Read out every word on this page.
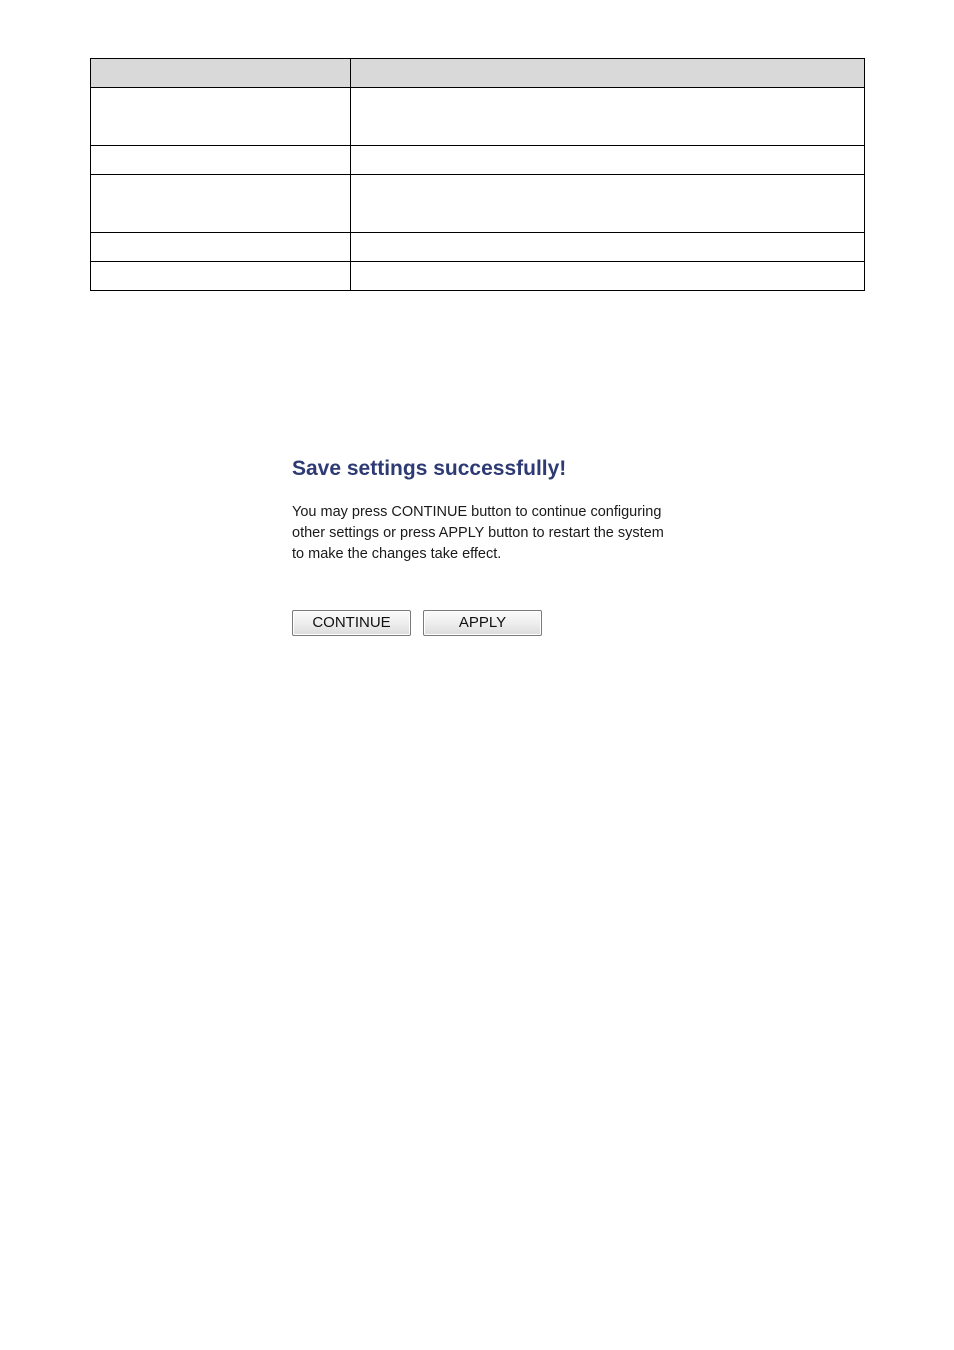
Save settings successfully!

You may press CONTINUE button to continue configuring other settings or press APPLY button to restart the system to make the changes take effect.

CONTINUE	APPLY
